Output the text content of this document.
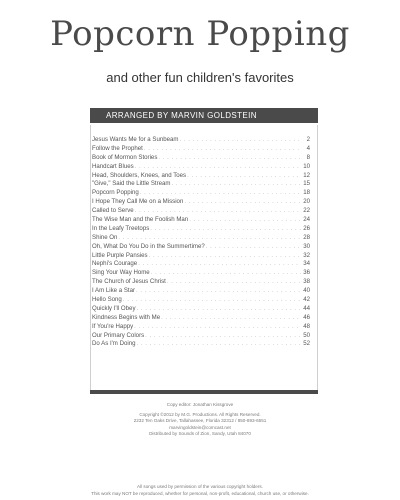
Popcorn Popping
and other fun children's favorites
ARRANGED BY MARVIN GOLDSTEIN
Jesus Wants Me for a Sunbeam . . .	2
Follow the Prophet . . .	4
Book of Mormon Stories . . .	8
Handcart Blues . . .	10
Head, Shoulders, Knees, and Toes . . .	12
"Give," Said the Little Stream . . .	15
Popcorn Popping . . .	18
I Hope They Call Me on a Mission . . .	20
Called to Serve . . .	22
The Wise Man and the Foolish Man . . .	24
In the Leafy Treetops . . .	26
Shine On . . .	28
Oh, What Do You Do in the Summertime? . . .	30
Little Purple Pansies . . .	32
Nephi's Courage . . .	34
Sing Your Way Home . . .	36
The Church of Jesus Christ . . .	38
I Am Like a Star . . .	40
Hello Song . . .	42
Quickly I'll Obey . . .	44
Kindness Begins with Me . . .	46
If You're Happy . . .	48
Our Primary Colors . . .	50
Do As I'm Doing . . .	52
Copy editor: Jonathan Kissgrove
Copyright ©2012 by M.G. Productions. All Rights Reserved.
2232 Ten Oaks Drive, Tallahassee, Florida 32312 / 850-893-6551
marvingoldstein@comcast.net
Distributed by Sounds of Zion, Sandy, Utah 84070
All songs used by permission of the various copyright holders.
This work may NOT be reproduced, whether for personal, non-profit, educational, church use, or otherwise.
